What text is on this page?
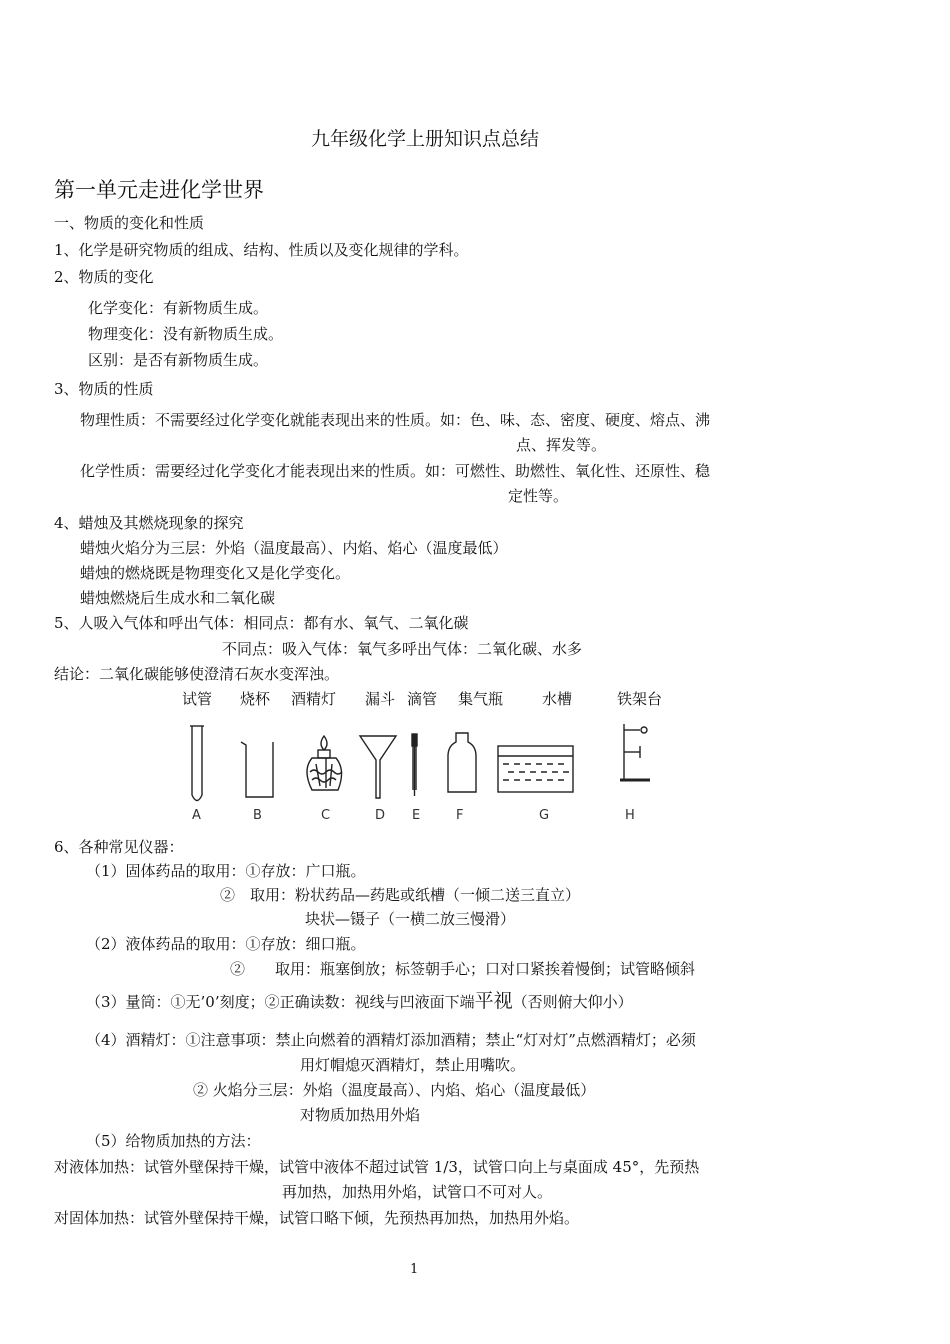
九年级化学上册知识点总结
第一单元走进化学世界
一、物质的变化和性质
1、化学是研究物质的组成、结构、性质以及变化规律的学科。
2、物质的变化
化学变化：有新物质生成。
物理变化：没有新物质生成。
区别：是否有新物质生成。
3、物质的性质
物理性质：不需要经过化学变化就能表现出来的性质。如：色、味、态、密度、硬度、熔点、沸
点、挥发等。
化学性质：需要经过化学变化才能表现出来的性质。如：可燃性、助燃性、氧化性、还原性、稳
定性等。
4、蜡烛及其燃烧现象的探究
蜡烛火焰分为三层：外焰（温度最高）、内焰、焰心（温度最低）
蜡烛的燃烧既是物理变化又是化学变化。
蜡烛燃烧后生成水和二氧化碳
5、人吸入气体和呼出气体：相同点：都有水、氧气、二氧化碳
不同点：吸入气体：氧气多呼出气体：二氧化碳、水多
结论：二氧化碳能够使澄清石灰水变浑浊。
试管 烧杯 酒精灯 漏斗 滴管 集气瓶	水槽	铁架台
A	B	C	D E	F	G	H
6、各种常见仪器：
（1）固体药品的取用：①存放：广口瓶。
②　取用：粉状药品—药匙或纸槽（一倾二送三直立）
块状—镊子（一横二放三慢滑）
（2）液体药品的取用：①存放：细口瓶。
②　　取用：瓶塞倒放；标签朝手心；口对口紧挨着慢倒；试管略倾斜
（3）量筒：①无’0’刻度；②正确读数：视线与凹液面下端平视（否则俯大仰小）
（4）酒精灯：①注意事项：禁止向燃着的酒精灯添加酒精；禁止“灯对灯”点燃酒精灯；必须
用灯帽熄灭酒精灯，禁止用嘴吹。
② 火焰分三层：外焰（温度最高）、内焰、焰心（温度最低）
对物质加热用外焰
（5）给物质加热的方法：
对液体加热：试管外壁保持干燥，试管中液体不超过试管 1/3，试管口向上与桌面成 45°，先预热
再加热，加热用外焰，试管口不可对人。
对固体加热：试管外壁保持干燥，试管口略下倾，先预热再加热，加热用外焰。
1
